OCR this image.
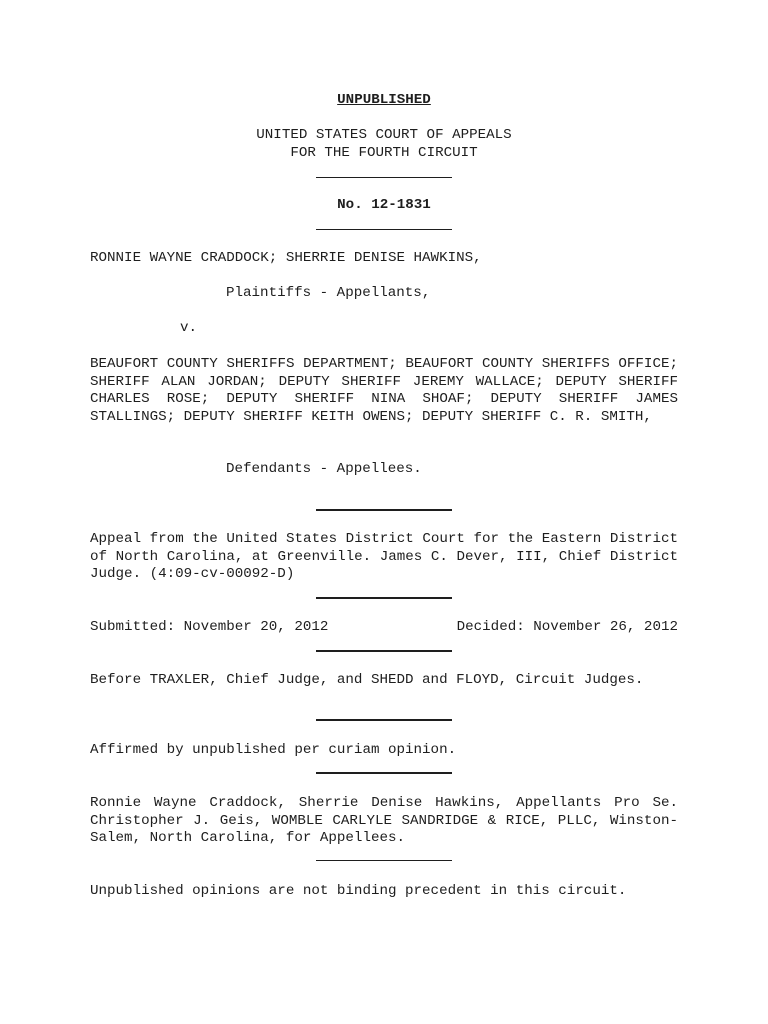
UNPUBLISHED
UNITED STATES COURT OF APPEALS
FOR THE FOURTH CIRCUIT
No. 12-1831
RONNIE WAYNE CRADDOCK; SHERRIE DENISE HAWKINS,
Plaintiffs - Appellants,
v.
BEAUFORT COUNTY SHERIFFS DEPARTMENT; BEAUFORT COUNTY SHERIFFS OFFICE; SHERIFF ALAN JORDAN; DEPUTY SHERIFF JEREMY WALLACE; DEPUTY SHERIFF CHARLES ROSE; DEPUTY SHERIFF NINA SHOAF; DEPUTY SHERIFF JAMES STALLINGS; DEPUTY SHERIFF KEITH OWENS; DEPUTY SHERIFF C. R. SMITH,
Defendants - Appellees.
Appeal from the United States District Court for the Eastern District of North Carolina, at Greenville. James C. Dever, III, Chief District Judge. (4:09-cv-00092-D)
Submitted: November 20, 2012	Decided: November 26, 2012
Before TRAXLER, Chief Judge, and SHEDD and FLOYD, Circuit Judges.
Affirmed by unpublished per curiam opinion.
Ronnie Wayne Craddock, Sherrie Denise Hawkins, Appellants Pro Se. Christopher J. Geis, WOMBLE CARLYLE SANDRIDGE & RICE, PLLC, Winston-Salem, North Carolina, for Appellees.
Unpublished opinions are not binding precedent in this circuit.
